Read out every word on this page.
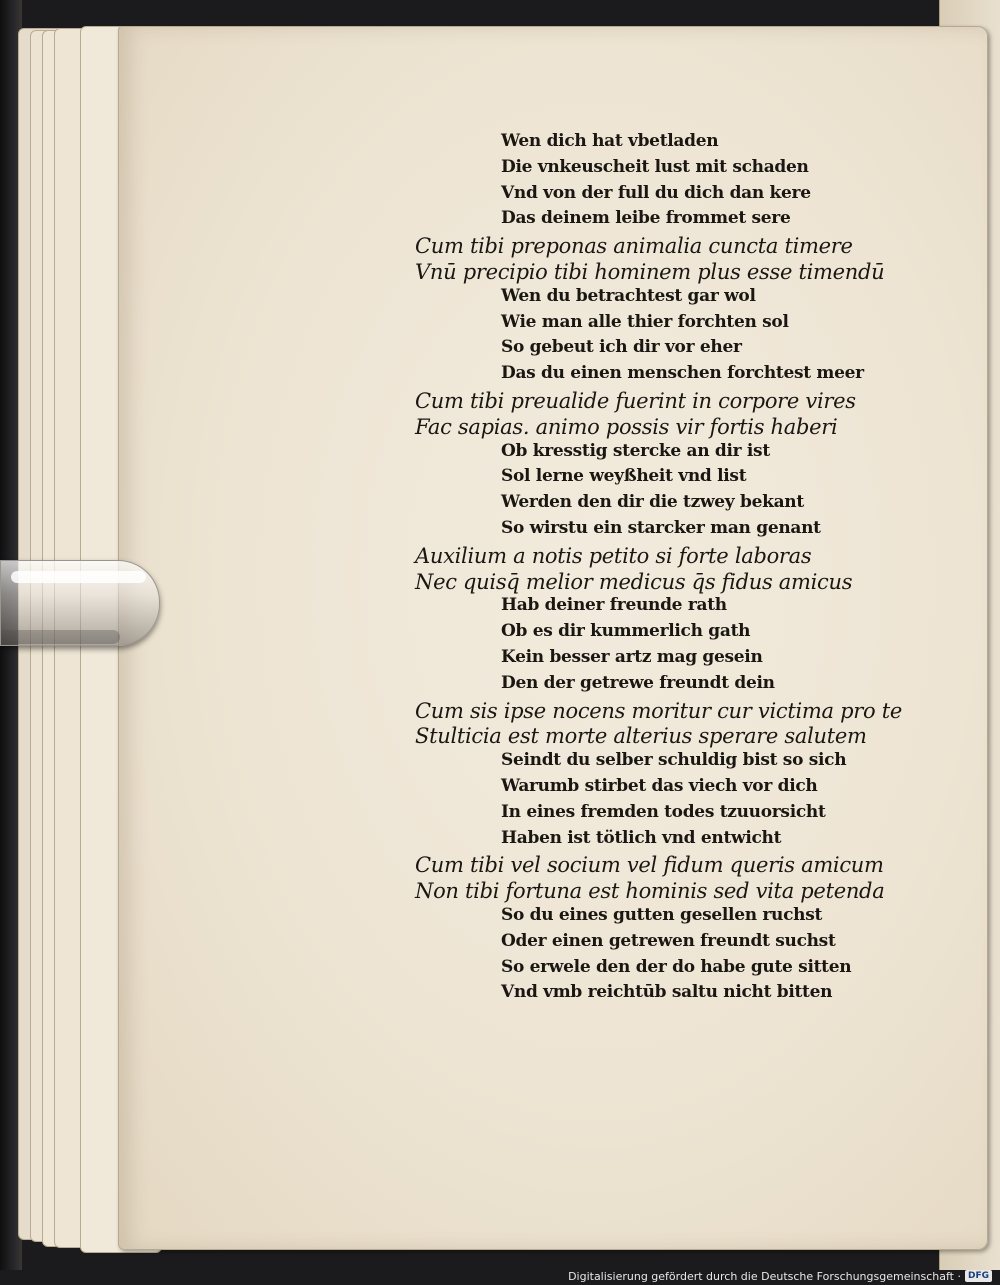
Wen dich hat vbetladen
Die vnkeuscheit lust mit schaden
Vnd von der full du dich dan kere
Das deinem leibe frommet sere
Cum tibi preponas animalia cuncta timere
Vnū precipio tibi hominem plus esse timendū
Wen du betrachtest gar wol
Wie man alle thier forchten sol
So gebeut ich dir vor eher
Das du einen menschen forchtest meer
Cum tibi preualide fuerint in corpore vires
Fac sapias. animo possis vir fortis haberi
Ob kresstig stercke an dir ist
Sol lerne weyßheit vnd list
Werden den dir die tzwey bekant
So wirstu ein starcker man genant
Auxilium a notis petito si forte laboras
Nec quisq̄ melior medicus q̄s fidus amicus
Hab deiner freunde rath
Ob es dir kummerlich gath
Kein besser artz mag gesein
Den der getrewe freundt dein
Cum sis ipse nocens moritur cur victima pro te
Stulticia est morte alterius sperare salutem
Seindt du selber schuldig bist so sich
Warumb stirbet das viech vor dich
In eines fremden todes tzuuorsicht
Haben ist tötlich vnd entwicht
Cum tibi vel socium vel fidum queris amicum
Non tibi fortuna est hominis sed vita petenda
So du eines gutten gesellen ruchst
Oder einen getrewen freundt suchst
So erwele den der do habe gute sitten
Vnd vmb reichtūb saltu nicht bitten
Digitalisierung gefördert durch die Deutsche Forschungsgemeinschaft · DFG
